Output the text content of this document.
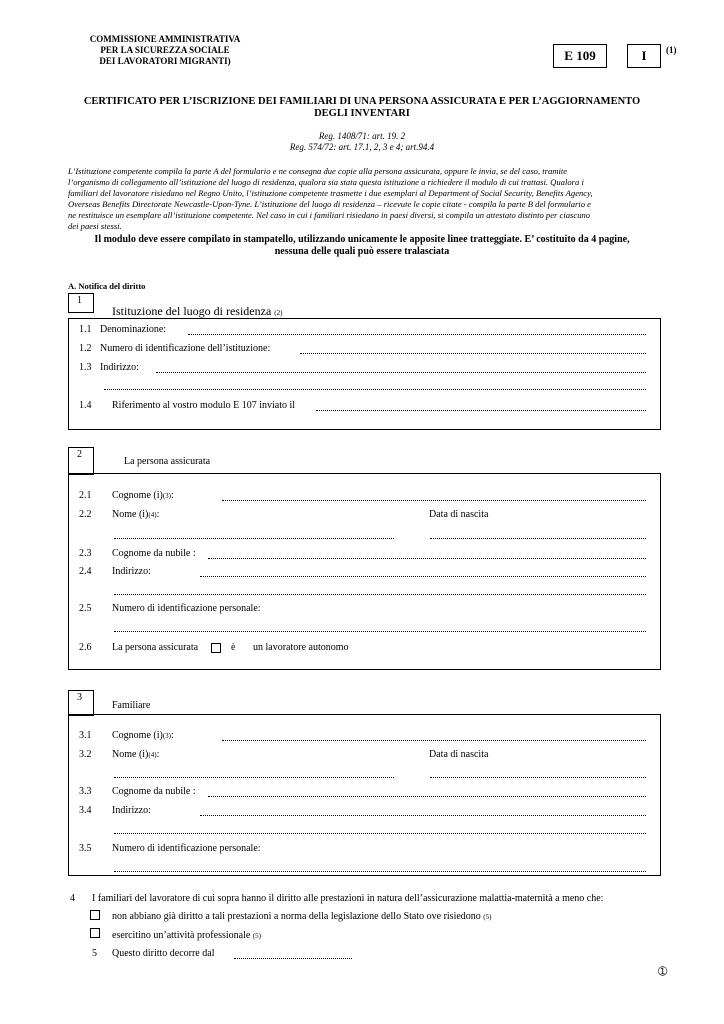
COMMISSIONE AMMINISTRATIVA
PER LA SICUREZZA SOCIALE
DEI LAVORATORI MIGRANTI)	E 109	I	(1)
CERTIFICATO PER L’ISCRIZIONE DEI FAMILIARI DI UNA PERSONA ASSICURATA E PER L’AGGIORNAMENTO
DEGLI INVENTARI
Reg. 1408/71: art. 19. 2
Reg. 574/72: art. 17.1, 2, 3 e 4; art.94.4
L’Istituzione competente compila la parte A del formulario e ne consegna due copie alla persona assicurata, oppure le invia, se del caso, tramite
l’organismo di collegamento all’istituzione del luogo di residenza, qualora sia stata questa istituzione a richiedere il modulo di cui trattasi. Qualora i
familiari del lavoratore risiedano nel Regno Unito, l’istituzione competente trasmette i due esemplari al Department of Social Security, Benefits Agency,
Overseas Benefits Directorate Newcastle-Upon-Tyne. L’istituzione del luogo di residenza – ricevute le copie citate - compila la parte B del formulario e
ne restituisce un esemplare all’istituzione competente. Nel caso in cui i familiari risiedano in paesi diversi, si compila un attestato distinto per ciascuno
dei paesi stessi.
Il modulo deve essere compilato in stampatello, utilizzando unicamente le apposite linee tratteggiate. E’ costituito da 4 pagine,
nessuna delle quali può essere tralasciata
A. Notifica del diritto
1
Istituzione del luogo di residenza (2)
1.1 Denominazione:
1.2 Numero di identificazione dell’istituzione:
1.3 Indirizzo:
1.4 Riferimento al vostro modulo E 107 inviato il
2
La persona assicurata
2.1 Cognome (i)(3):
2.2 Nome (i)(4):	Data di nascita
2.3 Cognome da nubile :
2.4 Indirizzo:
2.5 Numero di identificazione personale:
2.6 La persona assicurata	è un lavoratore autonomo
3
Familiare
3.1 Cognome (i)(3):
3.2 Nome (i)(4):	Data di nascita
3.3 Cognome da nubile :
3.4 Indirizzo:
3.5 Numero di identificazione personale:
4 I familiari del lavoratore di cui sopra hanno il diritto alle prestazioni in natura dell’assicurazione malattia-maternità a meno che:
non abbiano già diritto a tali prestazioni a norma della legislazione dello Stato ove risiedono (5)
esercitino un’attività professionale (5)
5 Questo diritto decorre dal
➀
